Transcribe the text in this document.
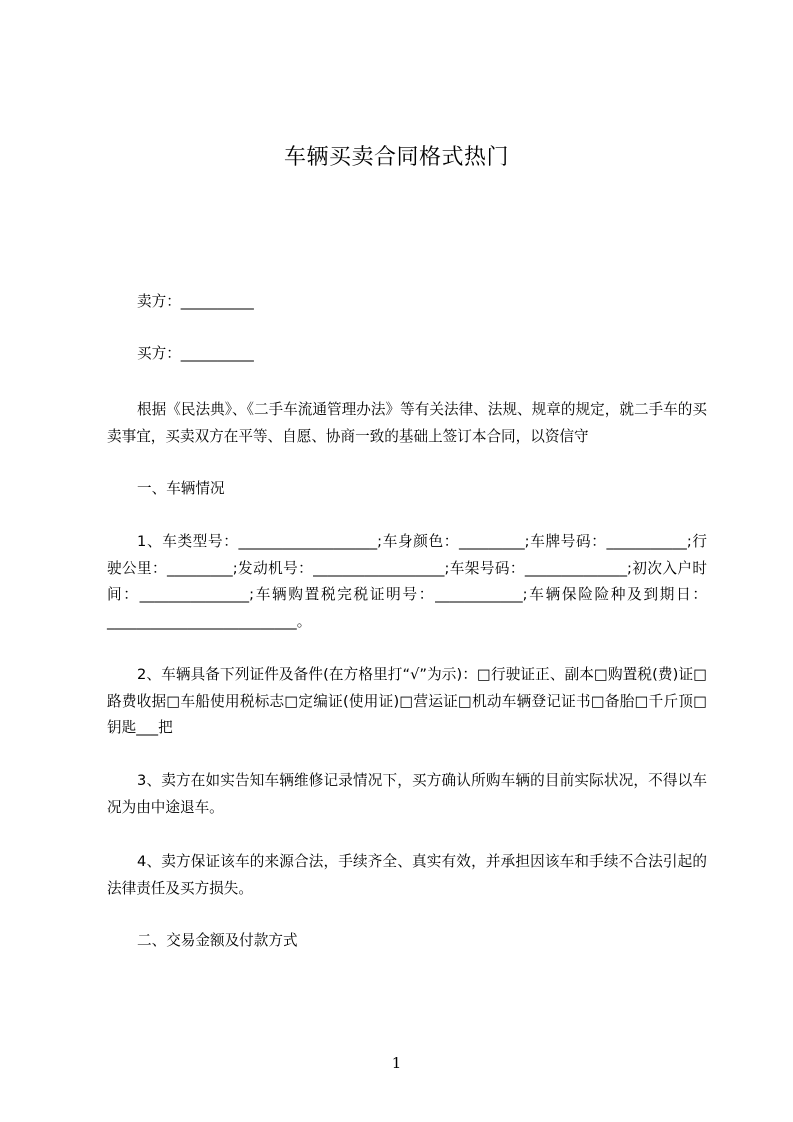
车辆买卖合同格式热门

卖方：__________

买方：__________

根据《民法典》、《二手车流通管理办法》等有关法律、法规、规章的规定，就二手车的买卖事宜，买卖双方在平等、自愿、协商一致的基础上签订本合同，以资信守

一、车辆情况

1、车类型号：___________________;车身颜色：_________;车牌号码：___________;行驶公里：_________;发动机号：__________________;车架号码：______________;初次入户时间：_______________;车辆购置税完税证明号：____________;车辆保险险种及到期日：__________________________。

2、车辆具备下列证件及备件(在方格里打“√”为示)：□行驶证正、副本□购置税(费)证□路费收据□车船使用税标志□定编证(使用证)□营运证□机动车辆登记证书□备胎□千斤顶□钥匙___把

3、卖方在如实告知车辆维修记录情况下，买方确认所购车辆的目前实际状况，不得以车况为由中途退车。

4、卖方保证该车的来源合法，手续齐全、真实有效，并承担因该车和手续不合法引起的法律责任及买方损失。

二、交易金额及付款方式

1
